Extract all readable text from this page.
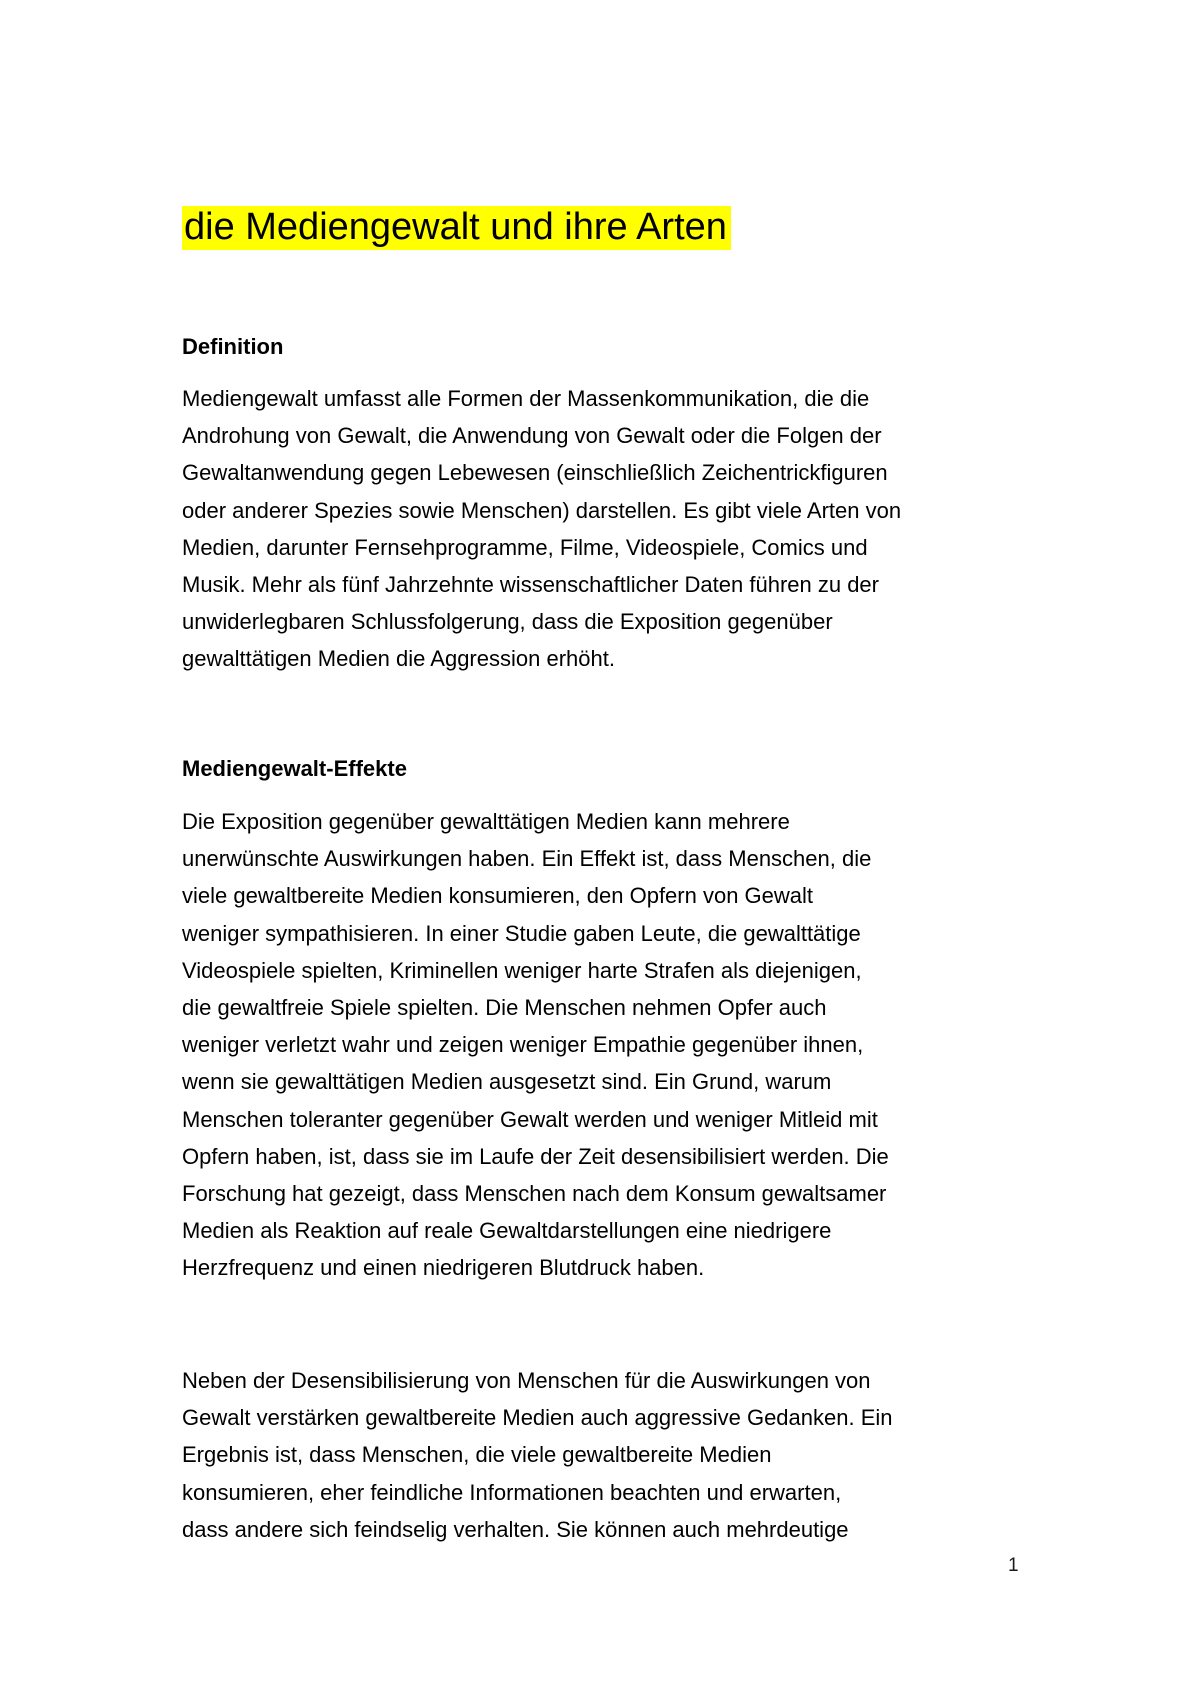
die Mediengewalt und ihre Arten
Definition

Mediengewalt umfasst alle Formen der Massenkommunikation, die die
Androhung von Gewalt, die Anwendung von Gewalt oder die Folgen der
Gewaltanwendung gegen Lebewesen (einschließlich Zeichentrickfiguren
oder anderer Spezies sowie Menschen) darstellen. Es gibt viele Arten von
Medien, darunter Fernsehprogramme, Filme, Videospiele, Comics und
Musik. Mehr als fünf Jahrzehnte wissenschaftlicher Daten führen zu der
unwiderlegbaren Schlussfolgerung, dass die Exposition gegenüber
gewalttätigen Medien die Aggression erhöht.

Mediengewalt-Effekte

Die Exposition gegenüber gewalttätigen Medien kann mehrere
unerwünschte Auswirkungen haben. Ein Effekt ist, dass Menschen, die
viele gewaltbereite Medien konsumieren, den Opfern von Gewalt
weniger sympathisieren. In einer Studie gaben Leute, die gewalttätige
Videospiele spielten, Kriminellen weniger harte Strafen als diejenigen,
die gewaltfreie Spiele spielten. Die Menschen nehmen Opfer auch
weniger verletzt wahr und zeigen weniger Empathie gegenüber ihnen,
wenn sie gewalttätigen Medien ausgesetzt sind. Ein Grund, warum
Menschen toleranter gegenüber Gewalt werden und weniger Mitleid mit
Opfern haben, ist, dass sie im Laufe der Zeit desensibilisiert werden. Die
Forschung hat gezeigt, dass Menschen nach dem Konsum gewaltsamer
Medien als Reaktion auf reale Gewaltdarstellungen eine niedrigere
Herzfrequenz und einen niedrigeren Blutdruck haben.

Neben der Desensibilisierung von Menschen für die Auswirkungen von
Gewalt verstärken gewaltbereite Medien auch aggressive Gedanken. Ein
Ergebnis ist, dass Menschen, die viele gewaltbereite Medien
konsumieren, eher feindliche Informationen beachten und erwarten,
dass andere sich feindselig verhalten. Sie können auch mehrdeutige

1
